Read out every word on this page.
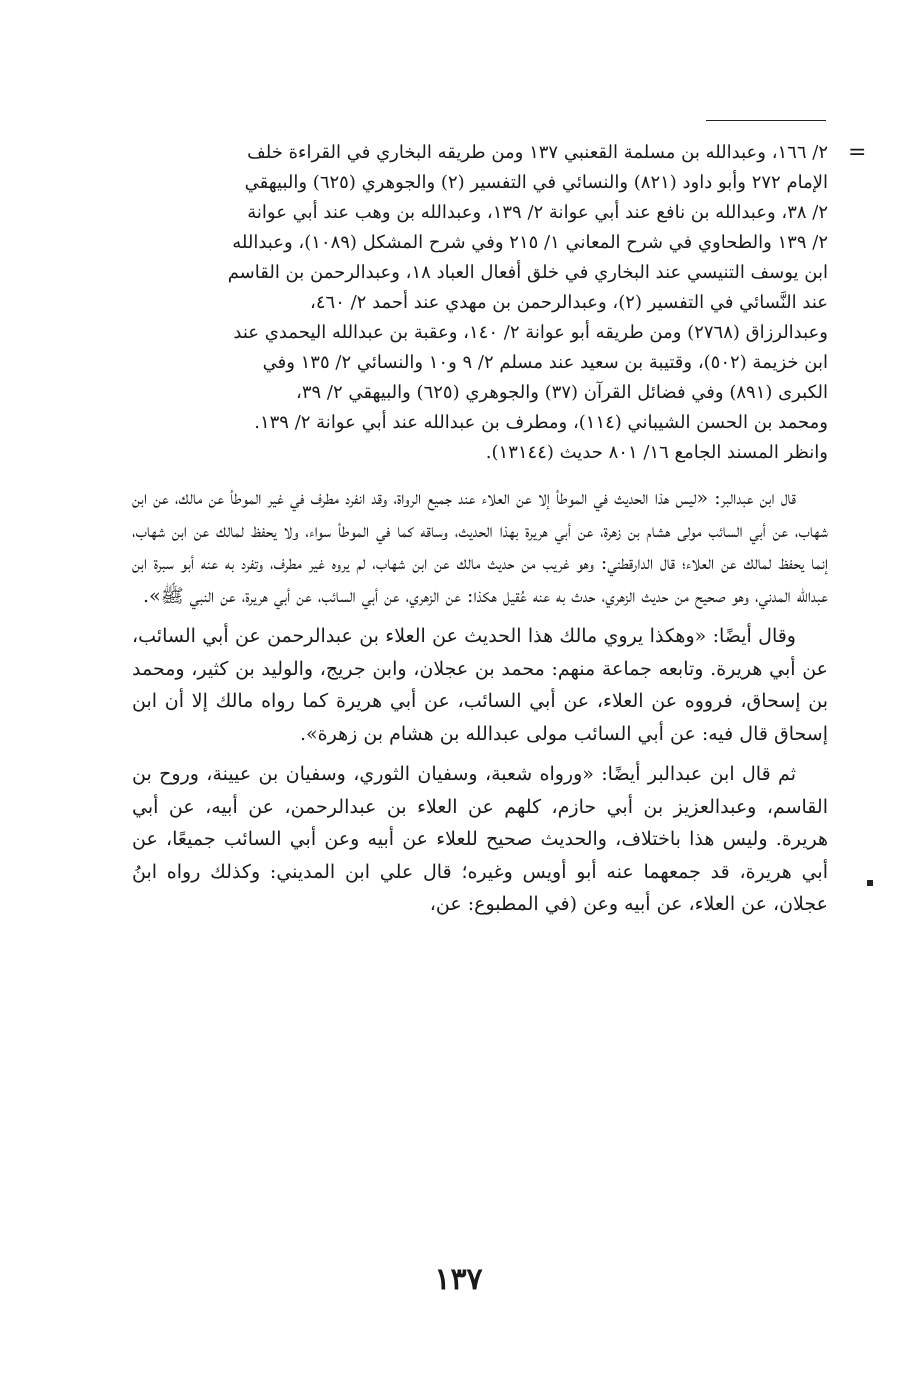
=

٢/ ١٦٦، وعبدالله بن مسلمة القعنبي ١٣٧ ومن طريقه البخاري في القراءة خلف

الإمام ٢٧٢ وأبو داود (٨٢١) والنسائي في التفسير (٢) والجوهري (٦٢٥) والبيهقي

٢/ ٣٨، وعبدالله بن نافع عند أبي عوانة ٢/ ١٣٩، وعبدالله بن وهب عند أبي عوانة

٢/ ١٣٩ والطحاوي في شرح المعاني ١/ ٢١٥ وفي شرح المشكل (١٠٨٩)، وعبدالله

ابن يوسف التنيسي عند البخاري في خلق أفعال العباد ١٨، وعبدالرحمن بن القاسم

عند النَّسائي في التفسير (٢)، وعبدالرحمن بن مهدي عند أحمد ٢/ ٤٦٠،

وعبدالرزاق (٢٧٦٨) ومن طريقه أبو عوانة ٢/ ١٤٠، وعقبة بن عبدالله اليحمدي عند

ابن خزيمة (٥٠٢)، وقتيبة بن سعيد عند مسلم ٢/ ٩ و١٠ والنسائي ٢/ ١٣٥ وفي

الكبرى (٨٩١) وفي فضائل القرآن (٣٧) والجوهري (٦٢٥) والبيهقي ٢/ ٣٩،

ومحمد بن الحسن الشيباني (١١٤)، ومطرف بن عبدالله عند أبي عوانة ٢/ ١٣٩.

وانظر المسند الجامع ١٦/ ٨٠١ حديث (١٣١٤٤).

قال ابن عبدالبر: «ليس هذا الحديث في الموطأ إلا عن العلاء عند جميع الرواة، وقد انفرد مطرف في غير الموطأ عن مالك، عن ابن شهاب، عن أبي السائب مولى هشام بن زهرة، عن أبي هريرة بهذا الحديث، وساقه كما في الموطأ سواء، ولا يحفظ لمالك عن ابن شهاب، إنما يحفظ لمالك عن العلاء؛ قال الدارقطني: وهو غريب من حديث مالك عن ابن شهاب، لم يروه غير مطرف، وتفرد به عنه أبو سبرة ابن عبدالله المدني، وهو صحيح من حديث الزهري، حدث به عنه عُقيل هكذا: عن الزهري، عن أبي السائب، عن أبي هريرة، عن النبي ﷺ».

وقال أيضًا: «وهكذا يروي مالك هذا الحديث عن العلاء بن عبدالرحمن عن أبي السائب، عن أبي هريرة. وتابعه جماعة منهم: محمد بن عجلان، وابن جريج، والوليد بن كثير، ومحمد بن إسحاق، فرووه عن العلاء، عن أبي السائب، عن أبي هريرة كما رواه مالك إلا أن ابن إسحاق قال فيه: عن أبي السائب مولى عبدالله بن هشام بن زهرة».

ثم قال ابن عبدالبر أيضًا: «ورواه شعبة، وسفيان الثوري، وسفيان بن عيينة، وروح بن القاسم، وعبدالعزيز بن أبي حازم، كلهم عن العلاء بن عبدالرحمن، عن أبيه، عن أبي هريرة. وليس هذا باختلاف، والحديث صحيح للعلاء عن أبيه وعن أبي السائب جميعًا، عن أبي هريرة، قد جمعهما عنه أبو أويس وغيره؛ قال علي ابن المديني: وكذلك رواه ابنُ عجلان، عن العلاء، عن أبيه وعن (في المطبوع: عن،

١٣٧
